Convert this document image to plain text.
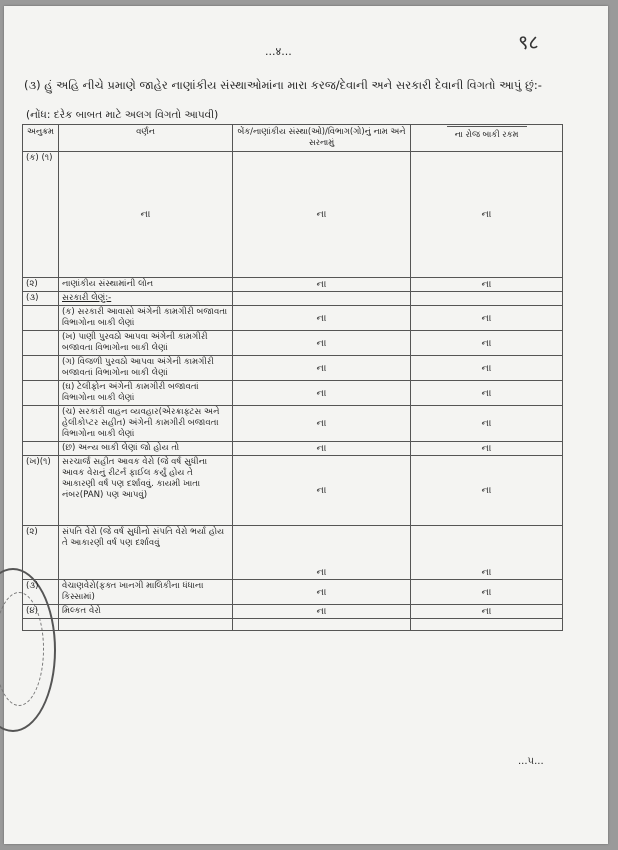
९८
...४...
(૩) હું અહિ નીચે પ્રમાણે જાહેર નાણાંકીય સંસ્થાઓમાંના મારા કરજ/દેવાની અને સરકારી દેવાની વિગતો આપું છું:-
(નોંધ: દરેક બાબત માટે અલગ વિગતો આપવી)
અનુક્રમ	વર્ણન	બેંક/નાણાંકીય સંસ્થા(ઓ)/વિભાગ(ગો)નું નામ અને સરનામું	ના રોજ બાકી રકમ
(ક) (૧)	ના	ના	ના
(૨)	નાણાંકીય સંસ્થામાંની લોન	ના	ના
(૩)	સરકારી લેણું:-		
	(ક) સરકારી આવાસો અંગેની કામગીરી બજાવતા વિભાગોના બાકી લેણાં	ના	ના
	(ખ) પાણી પુરવઠો આપવા અંગેની કામગીરી બજાવતા વિભાગોના બાકી લેણાં	ના	ના
	(ગ) વિજળી પુરવઠો આપવા અંગેની કામગીરી બજાવતાં વિભાગોના બાકી લેણાં	ના	ના
	(ઘ) ટેલીફોન અંગેની કામગીરી બજાવતાં વિભાગોના બાકી લેણાં	ના	ના
	(ચ) સરકારી વાહન વ્યવહાર(એરક્રાફ્ટસ અને હેલીકોપ્ટર સહીત) અંગેની કામગીરી બજાવતા વિભાગોના બાકી લેણાં	ના	ના
	(છ) અન્ય બાકી લેણાં જો હોય તો	ના	ના
(ખ)(૧)	સરચાર્જ સહીત આવક વેરો (જે વર્ષ સુધીના આવક વેરાનું રીટર્ન ફાઈલ કર્યું હોય તે આકારણી વર્ષ પણ દર્શાવવું. કાયમી ખાતા નંબર(PAN) પણ આપવું)	ના	ના
(૨)	સંપતિ વેરો (જે વર્ષ સુધીનો સંપતિ વેરો ભર્યા હોય તે આકારણી વર્ષ પણ દર્શાવવું	ના	ના
(૩)	વેચાણવેરો(ફક્ત ખાનગી માલિકીના ધંધાના કિસ્સામાં)	ના	ના
(૪)	મિલ્કત વેરો	ના	ના

...૫...
